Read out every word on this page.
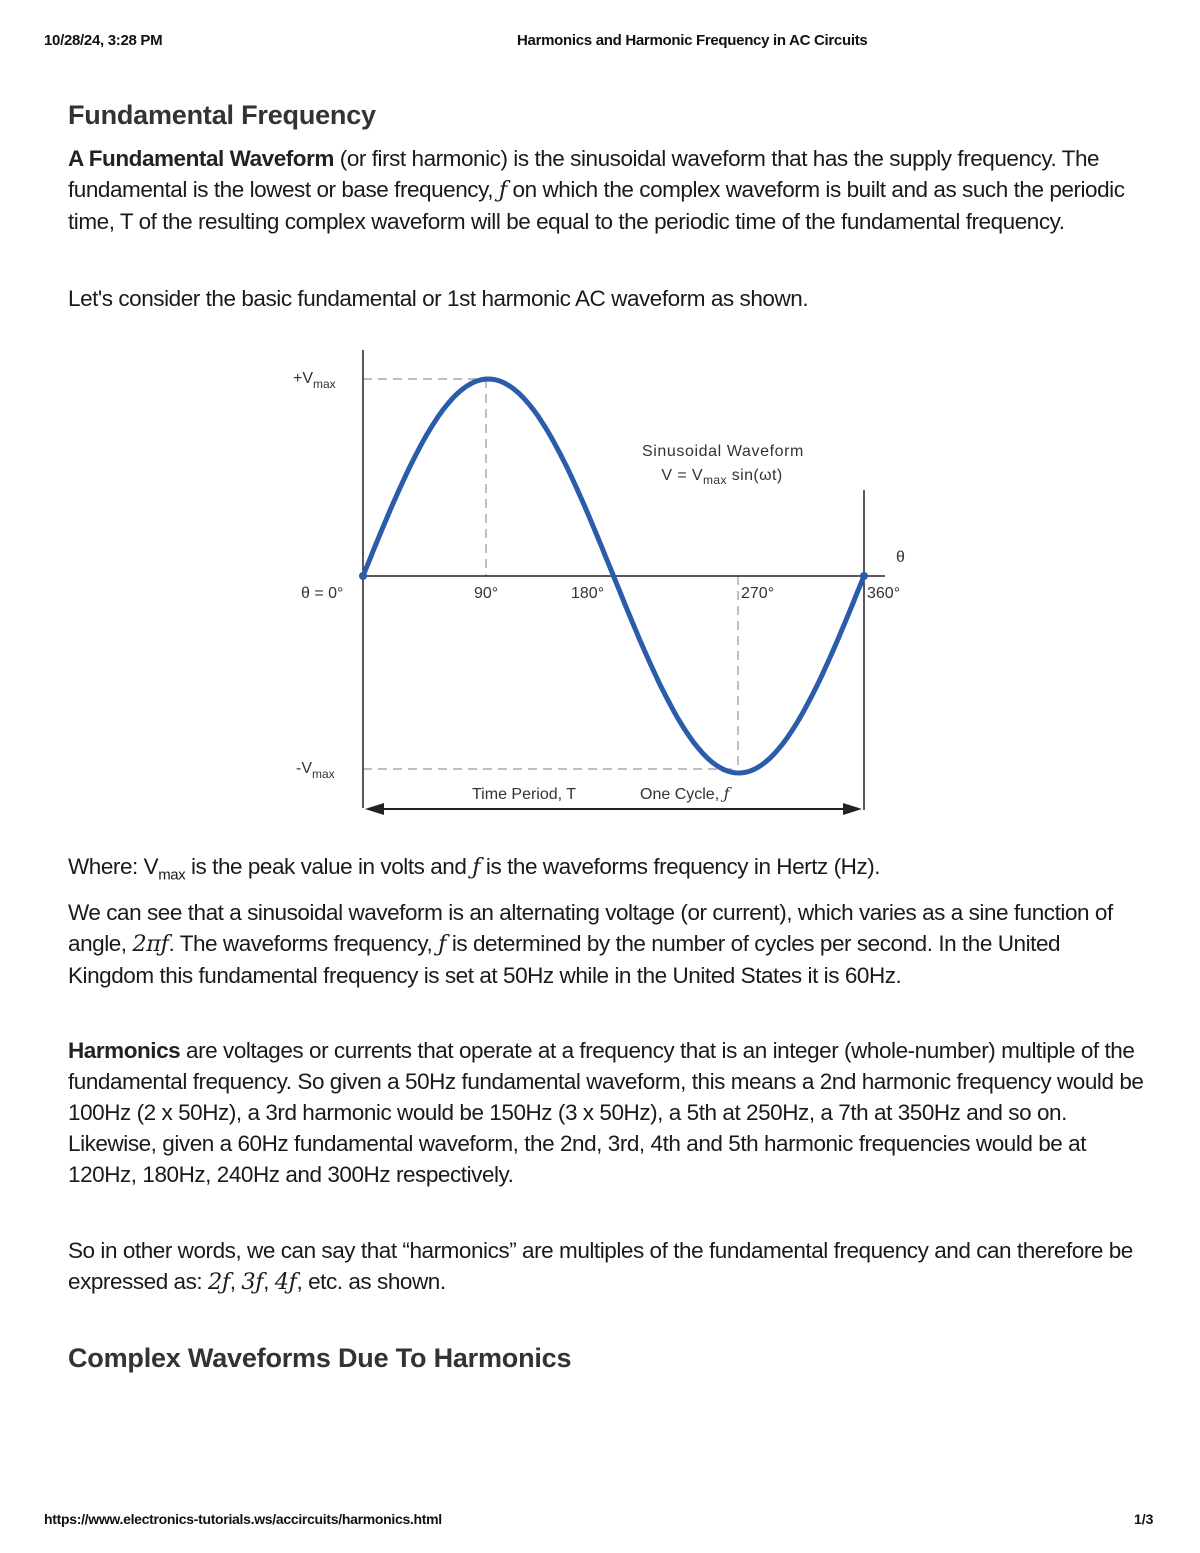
10/28/24, 3:28 PM	Harmonics and Harmonic Frequency in AC Circuits
Fundamental Frequency

A Fundamental Waveform (or first harmonic) is the sinusoidal waveform that has the supply frequency. The fundamental is the lowest or base frequency, ƒ on which the complex waveform is built and as such the periodic time, T of the resulting complex waveform will be equal to the periodic time of the fundamental frequency.

Let's consider the basic fundamental or 1st harmonic AC waveform as shown.

$+V_{max}$
$-V_{max}$
θ = 0°	90°	180°	270°	360°
θ
Sinusoidal Waveform
$V = V_{max}$ sin(ωt)
Time Period, T	One Cycle, ƒ

Where: $V_{max}$ is the peak value in volts and ƒ is the waveforms frequency in Hertz (Hz).

We can see that a sinusoidal waveform is an alternating voltage (or current), which varies as a sine function of angle, 2πƒ. The waveforms frequency, ƒ is determined by the number of cycles per second. In the United Kingdom this fundamental frequency is set at 50Hz while in the United States it is 60Hz.

Harmonics are voltages or currents that operate at a frequency that is an integer (whole-number) multiple of the fundamental frequency. So given a 50Hz fundamental waveform, this means a 2nd harmonic frequency would be 100Hz (2 x 50Hz), a 3rd harmonic would be 150Hz (3 x 50Hz), a 5th at 250Hz, a 7th at 350Hz and so on. Likewise, given a 60Hz fundamental waveform, the 2nd, 3rd, 4th and 5th harmonic frequencies would be at 120Hz, 180Hz, 240Hz and 300Hz respectively.

So in other words, we can say that “harmonics” are multiples of the fundamental frequency and can therefore be expressed as: 2ƒ, 3ƒ, 4ƒ, etc. as shown.

Complex Waveforms Due To Harmonics
https://www.electronics-tutorials.ws/accircuits/harmonics.html	1/3
